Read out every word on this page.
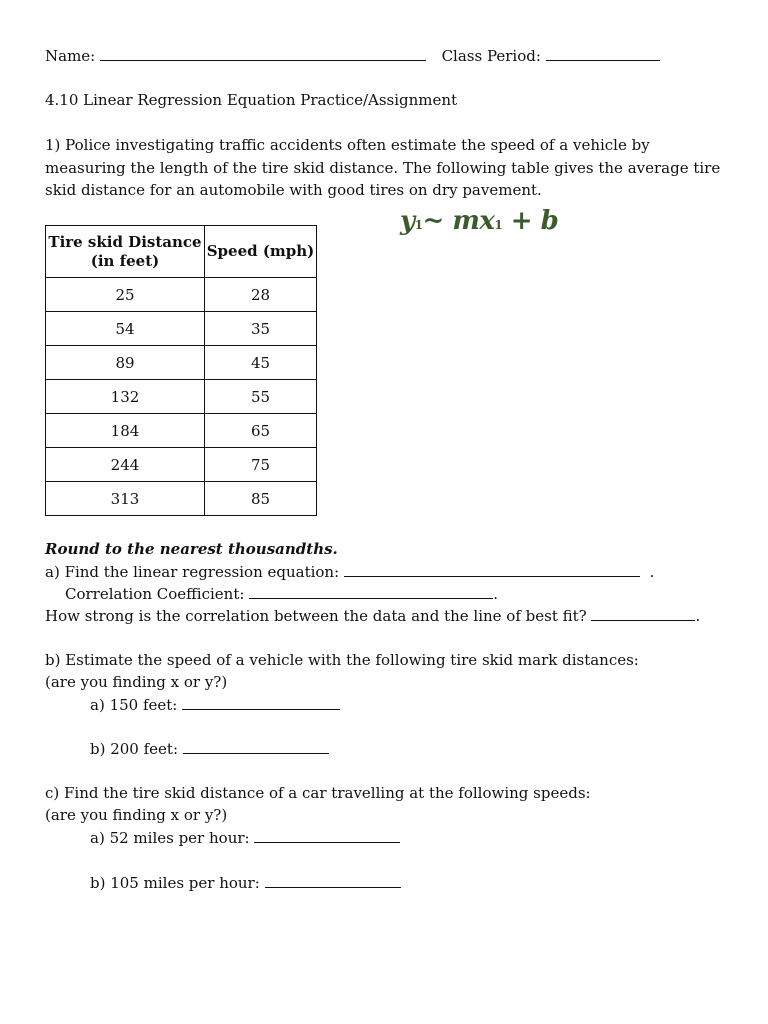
Name:	Class Period:
4.10 Linear Regression Equation Practice/Assignment
1) Police investigating traffic accidents often estimate the speed of a vehicle by measuring the length of the tire skid distance. The following table gives the average tire skid distance for an automobile with good tires on dry pavement.
y1~ mx1 + b
Tire skid Distance
(in feet)	Speed (mph)
25	28
54	35
89	45
132	55
184	65
244	75
313	85
Round to the nearest thousandths.
a) Find the linear regression equation:	.
Correlation Coefficient:	.
How strong is the correlation between the data and the line of best fit?	.
b) Estimate the speed of a vehicle with the following tire skid mark distances:
(are you finding x or y?)
a) 150 feet:
b) 200 feet:
c) Find the tire skid distance of a car travelling at the following speeds:
(are you finding x or y?)
a) 52 miles per hour:
b) 105 miles per hour:
